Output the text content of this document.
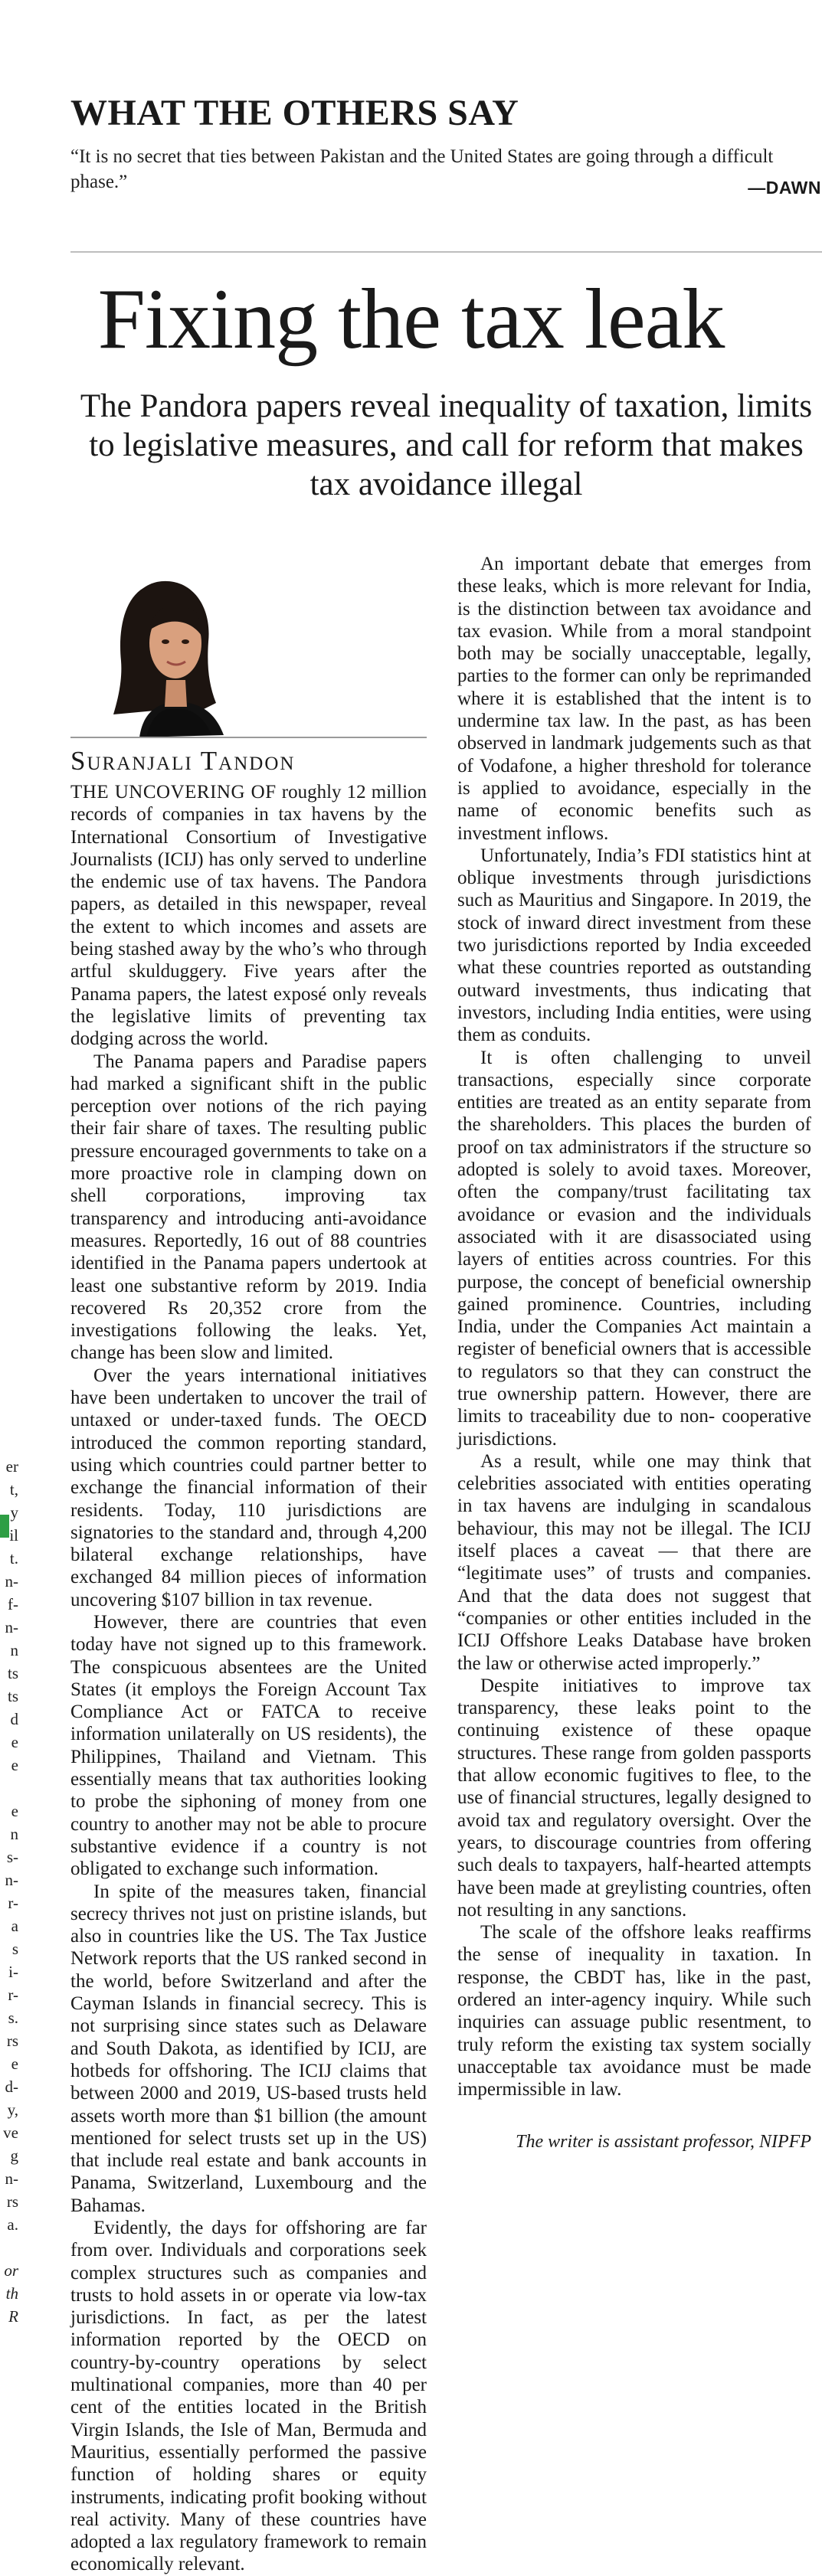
er
t,
y
il
t.
n-
f-
n-
n
ts
ts
d
e
e
e
n
s-
n-
r-
a
s
i-
r-
s.
rs
e
d-
y,
ve
g
n-
rs
a.
or
th
R
WHAT THE OTHERS SAY
“It is no secret that ties between Pakistan and the United States are going through a difficult phase.”	—DAWN
Fixing the tax leak
The Pandora papers reveal inequality of taxation, limits to legislative measures, and call for reform that makes tax avoidance illegal
Suranjali Tandon

THE UNCOVERING OF roughly 12 million records of companies in tax havens by the International Consortium of Investigative Journalists (ICIJ) has only served to underline the endemic use of tax havens. The Pandora papers, as detailed in this newspaper, reveal the extent to which incomes and assets are being stashed away by the who’s who through artful skulduggery. Five years after the Panama papers, the latest exposé only reveals the legislative limits of preventing tax dodging across the world.

The Panama papers and Paradise papers had marked a significant shift in the public perception over notions of the rich paying their fair share of taxes. The resulting public pressure encouraged governments to take on a more proactive role in clamping down on shell corporations, improving tax transparency and introducing anti-avoidance measures. Reportedly, 16 out of 88 countries identified in the Panama papers undertook at least one substantive reform by 2019. India recovered Rs 20,352 crore from the investigations following the leaks. Yet, change has been slow and limited.

Over the years international initiatives have been undertaken to uncover the trail of untaxed or under-taxed funds. The OECD introduced the common reporting standard, using which countries could partner better to exchange the financial information of their residents. Today, 110 jurisdictions are signatories to the standard and, through 4,200 bilateral exchange relationships, have exchanged 84 million pieces of information uncovering $107 billion in tax revenue.

However, there are countries that even today have not signed up to this framework. The conspicuous absentees are the United States (it employs the Foreign Account Tax Compliance Act or FATCA to receive information unilaterally on US residents), the Philippines, Thailand and Vietnam. This essentially means that tax authorities looking to probe the siphoning of money from one country to another may not be able to procure substantive evidence if a country is not obligated to exchange such information.

In spite of the measures taken, financial secrecy thrives not just on pristine islands, but also in countries like the US. The Tax Justice Network reports that the US ranked second in the world, before Switzerland and after the Cayman Islands in financial secrecy. This is not surprising since states such as Delaware and South Dakota, as identified by ICIJ, are hotbeds for offshoring. The ICIJ claims that between 2000 and 2019, US-based trusts held assets worth more than $1 billion (the amount mentioned for select trusts set up in the US) that include real estate and bank accounts in Panama, Switzerland, Luxembourg and the Bahamas.

Evidently, the days for offshoring are far from over. Individuals and corporations seek complex structures such as companies and trusts to hold assets in or operate via low-tax jurisdictions. In fact, as per the latest information reported by the OECD on country-by-country operations by select multinational companies, more than 40 per cent of the entities located in the British Virgin Islands, the Isle of Man, Bermuda and Mauritius, essentially performed the passive function of holding shares or equity instruments, indicating profit booking without real activity. Many of these countries have adopted a lax regulatory framework to remain economically relevant.

An important debate that emerges from these leaks, which is more relevant for India, is the distinction between tax avoidance and tax evasion. While from a moral standpoint both may be socially unacceptable, legally, parties to the former can only be reprimanded where it is established that the intent is to undermine tax law. In the past, as has been observed in landmark judgements such as that of Vodafone, a higher threshold for tolerance is applied to avoidance, especially in the name of economic benefits such as investment inflows.

Unfortunately, India’s FDI statistics hint at oblique investments through jurisdictions such as Mauritius and Singapore. In 2019, the stock of inward direct investment from these two jurisdictions reported by India exceeded what these countries reported as outstanding outward investments, thus indicating that investors, including India entities, were using them as conduits.

It is often challenging to unveil transactions, especially since corporate entities are treated as an entity separate from the shareholders. This places the burden of proof on tax administrators if the structure so adopted is solely to avoid taxes. Moreover, often the company/trust facilitating tax avoidance or evasion and the individuals associated with it are disassociated using layers of entities across countries. For this purpose, the concept of beneficial ownership gained prominence. Countries, including India, under the Companies Act maintain a register of beneficial owners that is accessible to regulators so that they can construct the true ownership pattern. However, there are limits to traceability due to non- cooperative jurisdictions.

As a result, while one may think that celebrities associated with entities operating in tax havens are indulging in scandalous behaviour, this may not be illegal. The ICIJ itself places a caveat — that there are “legitimate uses” of trusts and companies. And that the data does not suggest that “companies or other entities included in the ICIJ Offshore Leaks Database have broken the law or otherwise acted improperly.”

Despite initiatives to improve tax transparency, these leaks point to the continuing existence of these opaque structures. These range from golden passports that allow economic fugitives to flee, to the use of financial structures, legally designed to avoid tax and regulatory oversight. Over the years, to discourage countries from offering such deals to taxpayers, half-hearted attempts have been made at greylisting countries, often not resulting in any sanctions.

The scale of the offshore leaks reaffirms the sense of inequality in taxation. In response, the CBDT has, like in the past, ordered an inter-agency inquiry. While such inquiries can assuage public resentment, to truly reform the existing tax system socially unacceptable tax avoidance must be made impermissible in law.

The writer is assistant professor, NIPFP
